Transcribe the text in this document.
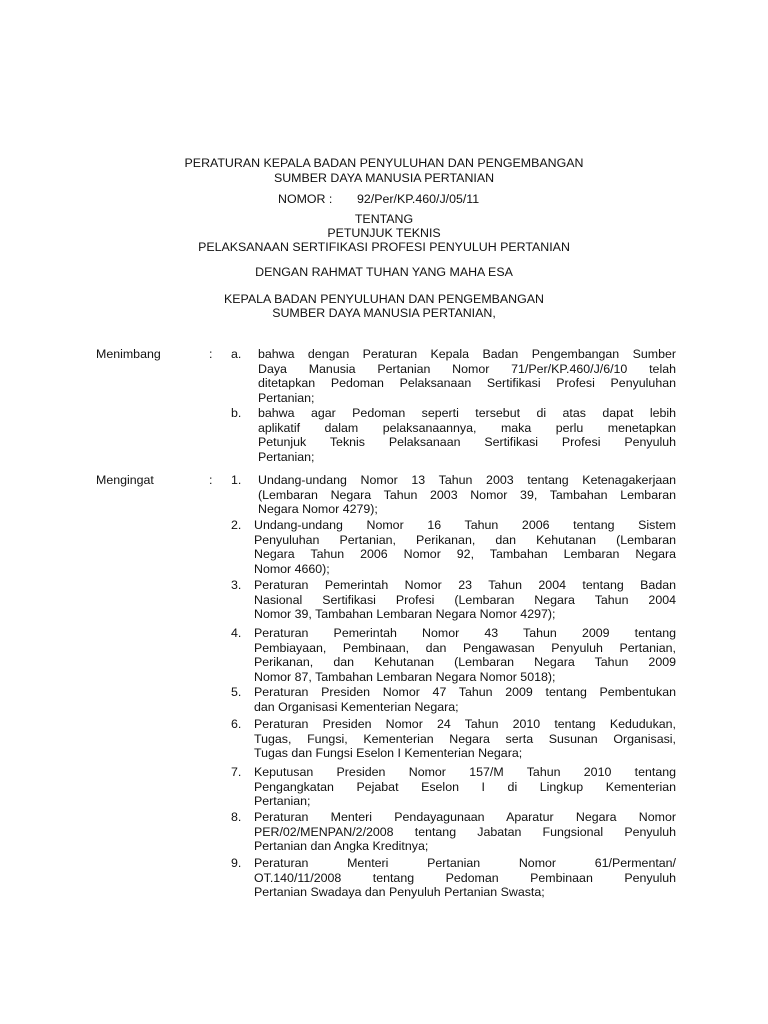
PERATURAN KEPALA BADAN PENYULUHAN DAN PENGEMBANGAN
SUMBER DAYA MANUSIA PERTANIAN
NOMOR : 92/Per/KP.460/J/05/11
TENTANG
PETUNJUK TEKNIS
PELAKSANAAN SERTIFIKASI PROFESI PENYULUH PERTANIAN
DENGAN RAHMAT TUHAN YANG MAHA ESA
KEPALA BADAN PENYULUHAN DAN PENGEMBANGAN
SUMBER DAYA MANUSIA PERTANIAN,
Menimbang	: a. bahwa dengan Peraturan Kepala Badan Pengembangan Sumber
Daya Manusia Pertanian Nomor 71/Per/KP.460/J/6/10 telah
ditetapkan Pedoman Pelaksanaan Sertifikasi Profesi Penyuluhan
Pertanian;
b. bahwa agar Pedoman seperti tersebut di atas dapat lebih
aplikatif dalam pelaksanaannya, maka perlu menetapkan
Petunjuk Teknis Pelaksanaan Sertifikasi Profesi Penyuluh
Pertanian;
Mengingat	: 1. Undang-undang Nomor 13 Tahun 2003 tentang Ketenagakerjaan
(Lembaran Negara Tahun 2003 Nomor 39, Tambahan Lembaran
Negara Nomor 4279);
2. Undang-undang Nomor 16 Tahun 2006 tentang Sistem
Penyuluhan Pertanian, Perikanan, dan Kehutanan (Lembaran
Negara Tahun 2006 Nomor 92, Tambahan Lembaran Negara
Nomor 4660);
3. Peraturan Pemerintah Nomor 23 Tahun 2004 tentang Badan
Nasional Sertifikasi Profesi (Lembaran Negara Tahun 2004
Nomor 39, Tambahan Lembaran Negara Nomor 4297);
4. Peraturan Pemerintah Nomor 43 Tahun 2009 tentang
Pembiayaan, Pembinaan, dan Pengawasan Penyuluh Pertanian,
Perikanan, dan Kehutanan (Lembaran Negara Tahun 2009
Nomor 87, Tambahan Lembaran Negara Nomor 5018);
5. Peraturan Presiden Nomor 47 Tahun 2009 tentang Pembentukan
dan Organisasi Kementerian Negara;
6. Peraturan Presiden Nomor 24 Tahun 2010 tentang Kedudukan,
Tugas, Fungsi, Kementerian Negara serta Susunan Organisasi,
Tugas dan Fungsi Eselon I Kementerian Negara;
7. Keputusan Presiden Nomor 157/M Tahun 2010 tentang
Pengangkatan Pejabat Eselon I di Lingkup Kementerian
Pertanian;
8. Peraturan Menteri Pendayagunaan Aparatur Negara Nomor
PER/02/MENPAN/2/2008 tentang Jabatan Fungsional Penyuluh
Pertanian dan Angka Kreditnya;
9. Peraturan Menteri Pertanian Nomor 61/Permentan/
OT.140/11/2008 tentang Pedoman Pembinaan Penyuluh
Pertanian Swadaya dan Penyuluh Pertanian Swasta;
